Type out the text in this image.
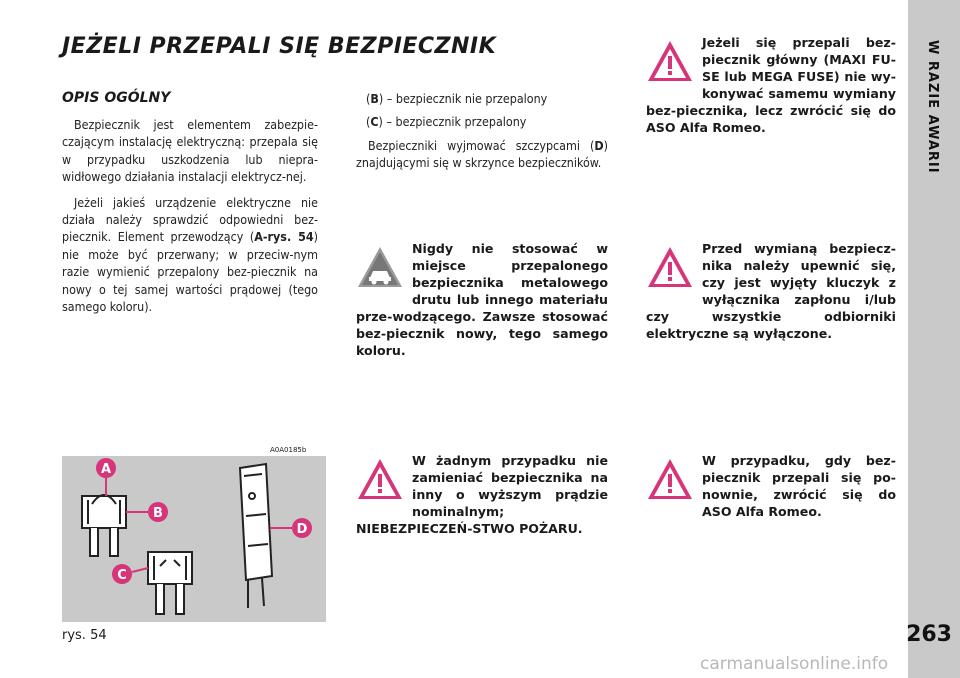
W RAZIE AWARII
263
JEŻELI PRZEPALI SIĘ BEZPIECZNIK
OPIS OGÓLNY

Bezpiecznik jest elementem zabezpie-czającym instalację elektryczną: przepala się w przypadku uszkodzenia lub niepra-widłowego działania instalacji elektrycz-nej.

Jeżeli jakieś urządzenie elektryczne nie działa należy sprawdzić odpowiedni bez-piecznik. Element przewodzący (A-rys. 54) nie może być przerwany; w przeciw-nym razie wymienić przepalony bez-piecznik na nowy o tej samej wartości prądowej (tego samego koloru).

(B) – bezpiecznik nie przepalony

(C) – bezpiecznik przepalony

Bezpieczniki wyjmować szczypcami (D) znajdującymi się w skrzynce bezpieczników.

Nigdy nie stosować w miejsce przepalonego bezpiecznika metalowego drutu lub innego materiału prze-wodzącego. Zawsze stosować bez-piecznik nowy, tego samego koloru.
W żadnym przypadku nie zamieniać bezpiecznika na inny o wyższym prądzie nominalnym; NIEBEZPIECZEŃ-STWO POŻARU.
Jeżeli się przepali bez-piecznik główny (MAXI FU-SE lub MEGA FUSE) nie wy-konywać samemu wymiany bez-piecznika, lecz zwrócić się do ASO Alfa Romeo.
Przed wymianą bezpiecz-nika należy upewnić się, czy jest wyjęty kluczyk z wyłącznika zapłonu i/lub czy wszystkie odbiorniki elektryczne są wyłączone.
W przypadku, gdy bez-piecznik przepali się po-nownie, zwrócić się do ASO Alfa Romeo.
A0A0185b
A
B
C
D
rys. 54
carmanualsonline.info
